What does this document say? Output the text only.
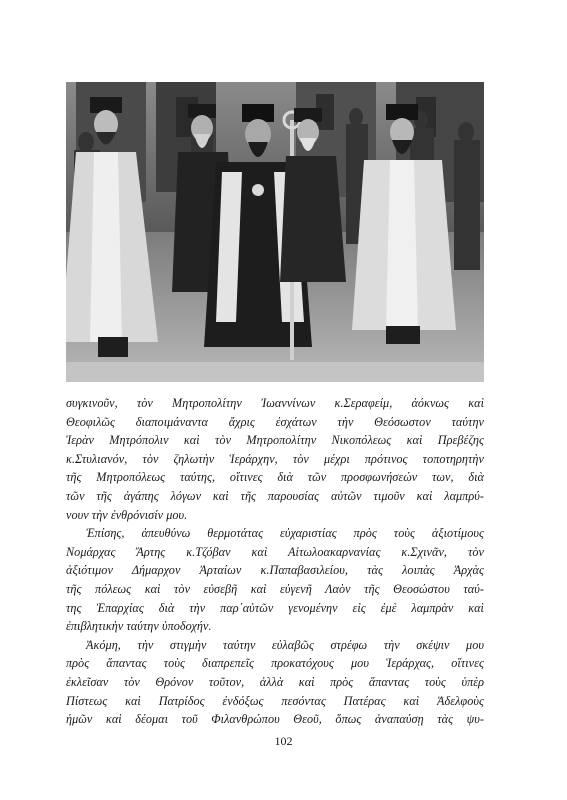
συγκινοῦν, τὸν Μητροπολίτην Ἰωαννίνων κ.Σεραφείμ, ἀόκνως καὶ
Θεοφιλῶς διαποιμάναντα ἄχρις ἐσχάτων τὴν Θεόσωστον ταύτην
Ἱερὰν Μητρόπολιν καὶ τὸν Μητροπολίτην Νικοπόλεως καὶ Πρεβέζης
κ.Στυλιανόν, τὸν ζηλωτὴν Ἱεράρχην, τὸν μέχρι πρότινος τοποτηρητὴν
τῆς Μητροπόλεως ταύτης, οἵτινες διὰ τῶν προσφωνήσεών των, διὰ
τῶν τῆς ἀγάπης λόγων καὶ τῆς παρουσίας αὐτῶν τιμοῦν καὶ λαμπρύ-
νουν τὴν ἐνθρόνισίν μου.

Ἐπίσης, ἀπευθύνω θερμοτάτας εὐχαριστίας πρὸς τοὺς ἀξιοτίμους
Νομάρχας Ἄρτης κ.Τζόβαν καὶ Αἰτωλοακαρνανίας κ.Σχινᾶν, τὸν
ἀξιότιμον Δήμαρχον Ἀρταίων κ.Παπαβασιλείου, τὰς λοιπὰς Ἀρχὰς
τῆς πόλεως καὶ τὸν εὐσεβῆ καὶ εὐγενῆ Λαὸν τῆς Θεοσώστου ταύ-
της Ἐπαρχίας διὰ τὴν παρ᾽αὐτῶν γενομένην εἰς ἐμὲ λαμπρὰν καὶ
ἐπιβλητικὴν ταύτην ὑποδοχήν.

Ἀκόμη, τὴν στιγμὴν ταύτην εὐλαβῶς στρέφω τὴν σκέψιν μου
πρὸς ἅπαντας τοὺς διαπρεπεῖς προκατόχους μου Ἱεράρχας, οἵτινες
ἐκλεῖσαν τὸν Θρόνον τοῦτον, ἀλλὰ καὶ πρὸς ἅπαντας τοὺς ὑπὲρ
Πίστεως καὶ Πατρίδος ἐνδόξως πεσόντας Πατέρας καὶ Ἀδελφοὺς
ἡμῶν καὶ δέομαι τοῦ Φιλανθρώπου Θεοῦ, ὅπως ἀναπαύσῃ τὰς ψυ-

102
